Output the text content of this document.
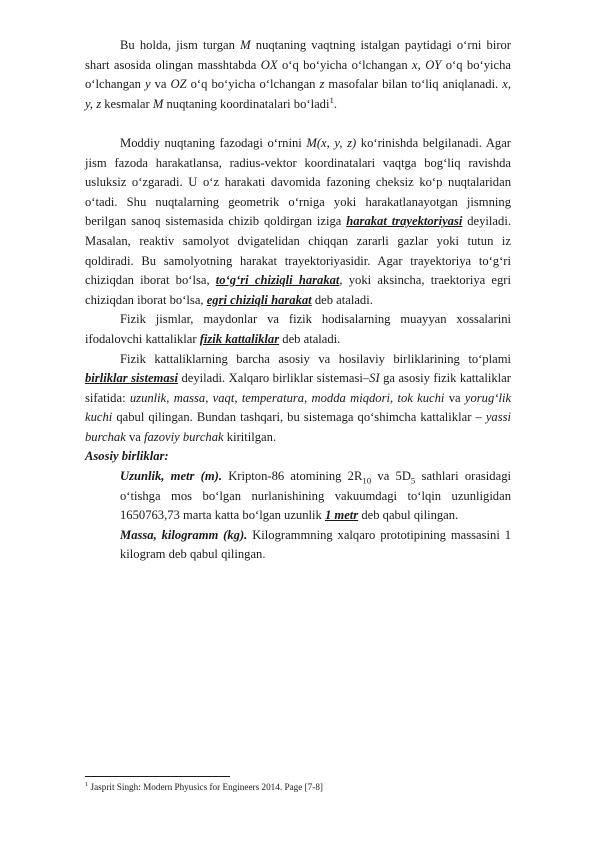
Bu holda, jism turgan M nuqtaning vaqtning istalgan paytidagi o‘rni biror shart asosida olingan masshtabda OX o‘q bo‘yicha o‘lchangan x, OY o‘q bo‘yicha o‘lchangan y va OZ o‘q bo‘yicha o‘lchangan z masofalar bilan to‘liq aniqlanadi. x, y, z kesmalar M nuqtaning koordinatalari bo‘ladi$^1$.

Moddiy nuqtaning fazodagi o‘rnini M(x, y, z) ko‘rinishda belgilanadi. Agar jism fazoda harakatlansa, radius-vektor koordinatalari vaqtga bog‘liq ravishda usluksiz o‘zgaradi. U o‘z harakati davomida fazoning cheksiz ko‘p nuqtalaridan o‘tadi. Shu nuqtalarning geometrik o‘rniga yoki harakatlanayotgan jismning berilgan sanoq sistemasida chizib qoldirgan iziga harakat trayektoriyasi deyiladi. Masalan, reaktiv samolyot dvigatelidan chiqqan zararli gazlar yoki tutun iz qoldiradi. Bu samolyotning harakat trayektoriyasidir. Agar trayektoriya to‘g‘ri chiziqdan iborat bo‘lsa, to‘g‘ri chiziqli harakat, yoki aksincha, traektoriya egri chiziqdan iborat bo‘lsa, egri chiziqli harakat deb ataladi.

Fizik jismlar, maydonlar va fizik hodisalarning muayyan xossalarini ifodalovchi kattaliklar fizik kattaliklar deb ataladi.

Fizik kattaliklarning barcha asosiy va hosilaviy birliklarining to‘plami birliklar sistemasi deyiladi. Xalqaro birliklar sistemasi–SI ga asosiy fizik kattaliklar sifatida: uzunlik, massa, vaqt, temperatura, modda miqdori, tok kuchi va yorug‘lik kuchi qabul qilingan. Bundan tashqari, bu sistemaga qo‘shimcha kattaliklar – yassi burchak va fazoviy burchak kiritilgan.

Asosiy birliklar:

Uzunlik, metr (m). Kripton-86 atomining $2R_{10}$ va $5D_5$ sathlari orasidagi o‘tishga mos bo‘lgan nurlanishining vakuumdagi to‘lqin uzunligidan 1650763,73 marta katta bo‘lgan uzunlik 1 metr deb qabul qilingan.

Massa, kilogramm (kg). Kilogrammning xalqaro prototipining massasini 1 kilogram deb qabul qilingan.

$^1$ Jasprit Singh: Modern Phyusics for Engineers 2014. Page [7-8]
